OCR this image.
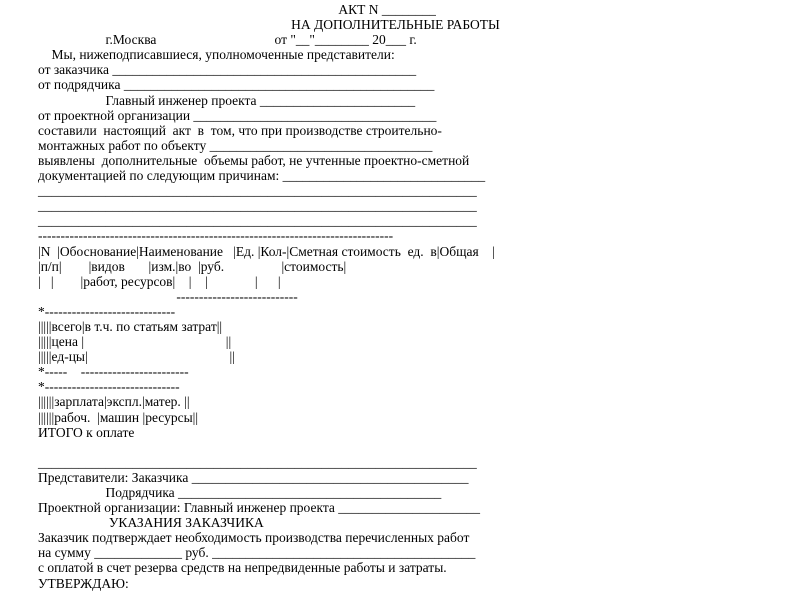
АКТ N ________
НА ДОПОЛНИТЕЛЬНЫЕ РАБОТЫ
г.Москва                                   от "__"________ 20___ г.
Мы, нижеподписавшиеся, уполномоченные представители:
от заказчика _____________________________________________
от подрядчика ______________________________________________
Главный инженер проекта _______________________
от проектной организации ____________________________________
составили  настоящий  акт  в  том, что при производстве строительно-
монтажных работ по объекту _________________________________
выявлены  дополнительные  объемы работ, не учтенные проектно-сметной
документацией по следующим причинам: ______________________________
_________________________________________________________________
_________________________________________________________________
_________________________________________________________________
-------------------------------------------------------------------------------
|N  |Обоснование|Наименование   |Ед. |Кол-|Сметная стоимость  ед.  в|Общая    |
|п/п|        |видов       |изм.|во  |руб.                 |стоимость|
|   |        |работ, ресурсов|    |    |              |      |
---------------------------
*-----------------------------
|||||всего|в т.ч. по статьям затрат||
|||||цена |                                          ||
|||||ед-цы|                                          ||
*-----    ------------------------
*------------------------------
||||||зарплата|экспл.|матер. ||
||||||рабоч.  |машин |ресурсы||
ИТОГО к оплате
_________________________________________________________________
Представители: Заказчика _________________________________________
Подрядчика _______________________________________
Проектной организации: Главный инженер проекта _____________________
УКАЗАНИЯ ЗАКАЗЧИКА
Заказчик подтверждает необходимость производства перечисленных работ
на сумму _____________ руб. _______________________________________
с оплатой в счет резерва средств на непредвиденные работы и затраты.
УТВЕРЖДАЮ:
